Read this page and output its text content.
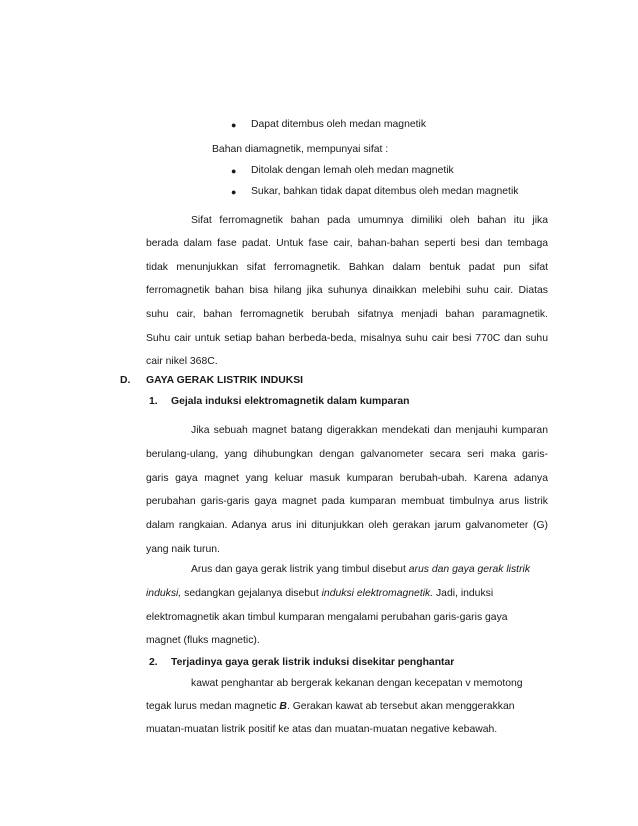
● Dapat ditembus oleh medan magnetik
Bahan diamagnetik, mempunyai sifat :
● Ditolak dengan lemah oleh medan magnetik
● Sukar, bahkan tidak dapat ditembus oleh medan magnetik
Sifat ferromagnetik bahan pada umumnya dimiliki oleh bahan itu jika
berada dalam fase padat. Untuk fase cair, bahan-bahan seperti besi dan tembaga
tidak menunjukkan sifat ferromagnetik. Bahkan dalam bentuk padat pun sifat
ferromagnetik bahan bisa hilang jika suhunya dinaikkan melebihi suhu cair. Diatas
suhu cair, bahan ferromagnetik berubah sifatnya menjadi bahan paramagnetik.
Suhu cair untuk setiap bahan berbeda-beda, misalnya suhu cair besi 770C dan suhu
cair nikel 368C.
D. GAYA GERAK LISTRIK INDUKSI
1. Gejala induksi elektromagnetik dalam kumparan
Jika sebuah magnet batang digerakkan mendekati dan menjauhi kumparan
berulang-ulang, yang dihubungkan dengan galvanometer secara seri maka garis-
garis gaya magnet yang keluar masuk kumparan berubah-ubah. Karena adanya
perubahan garis-garis gaya magnet pada kumparan membuat timbulnya arus listrik
dalam rangkaian. Adanya arus ini ditunjukkan oleh gerakan jarum galvanometer (G)
yang naik turun.
Arus dan gaya gerak listrik yang timbul disebut arus dan gaya gerak listrik
induksi, sedangkan gejalanya disebut induksi elektromagnetik. Jadi, induksi
elektromagnetik akan timbul kumparan mengalami perubahan garis-garis gaya
magnet (fluks magnetic).
2. Terjadinya gaya gerak listrik induksi disekitar penghantar
kawat penghantar ab bergerak kekanan dengan kecepatan v memotong
tegak lurus medan magnetic B. Gerakan kawat ab tersebut akan menggerakkan
muatan-muatan listrik positif ke atas dan muatan-muatan negative kebawah.
